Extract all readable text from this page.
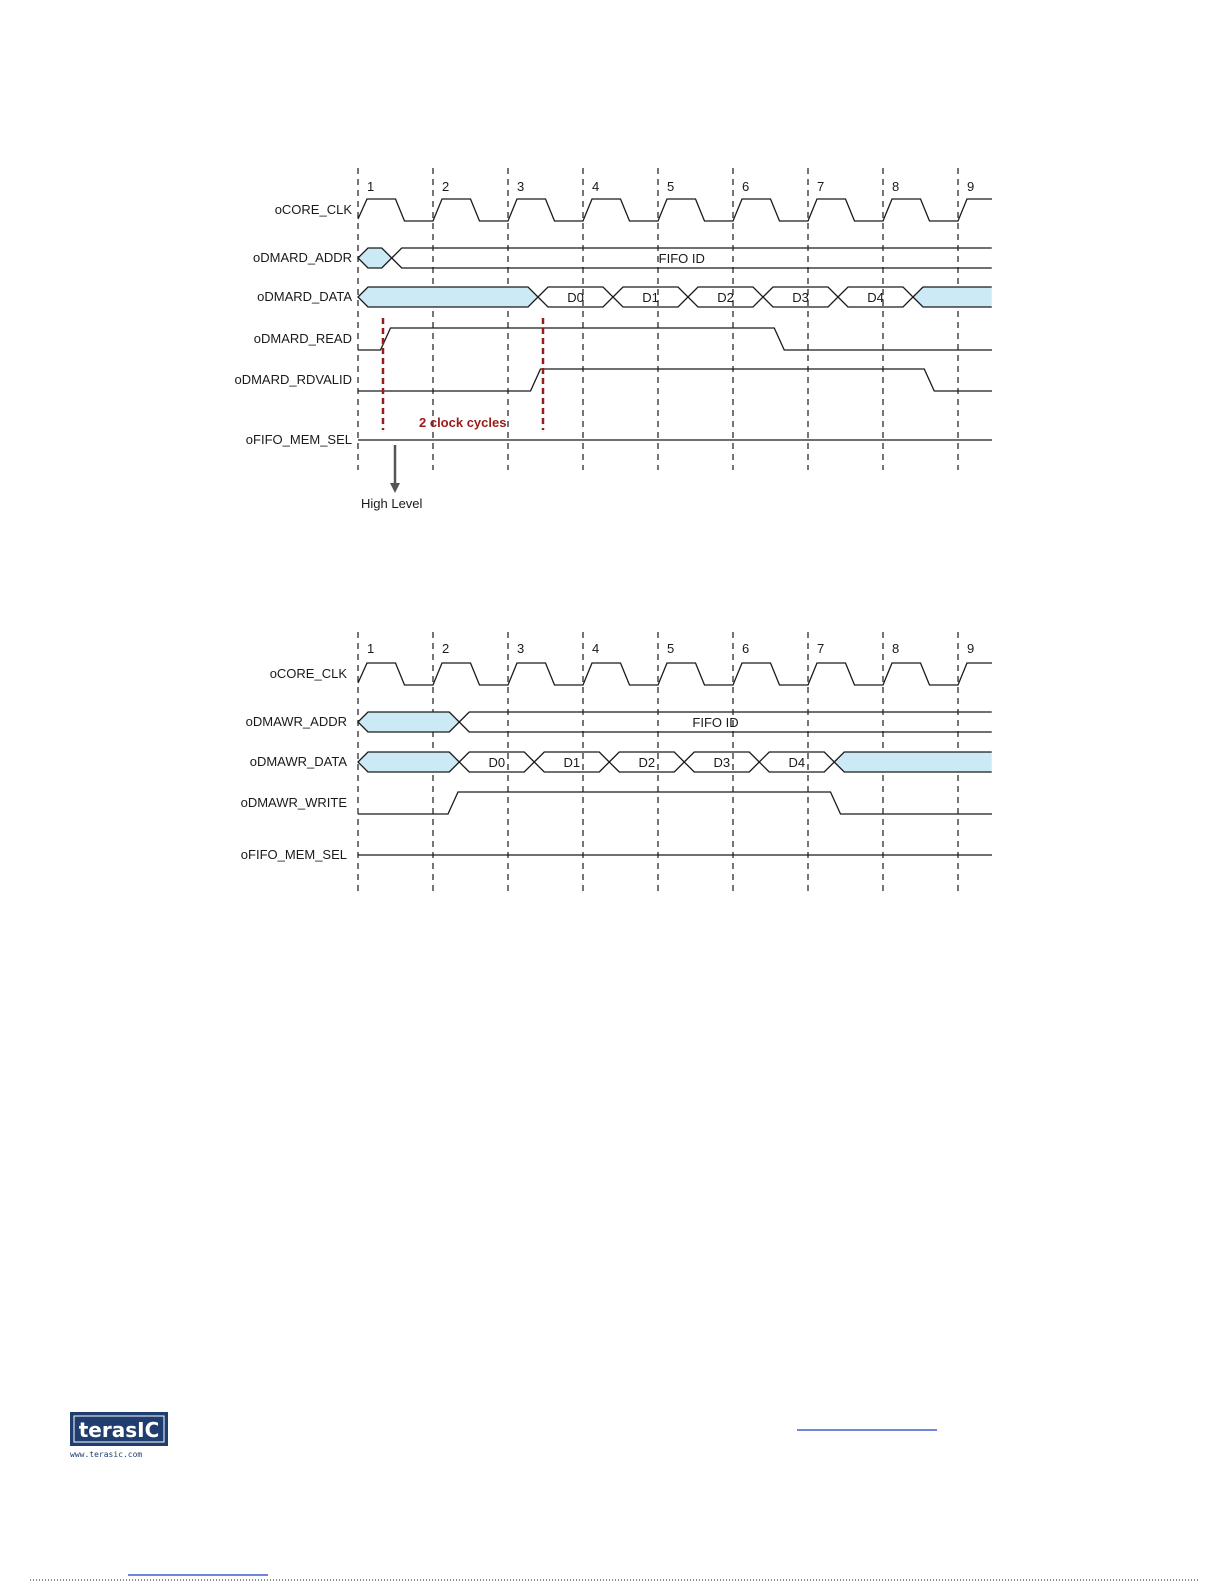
1	2	3	4	5	6	7	8	9
oCORE_CLK
oDMARD_ADDR	FIFO ID
oDMARD_DATA	D0	D1	D2	D3	D4
oDMARD_READ
oDMARD_RDVALID
oFIFO_MEM_SEL
1	2	3	4	5	6	7	8	9
oCORE_CLK
oDMAWR_ADDR	FIFO ID
oDMAWR_DATA	D0	D1	D2	D3	D4
oDMAWR_WRITE
oFIFO_MEM_SEL
2 clock cycles
High Level
terasIC
www.terasic.com
